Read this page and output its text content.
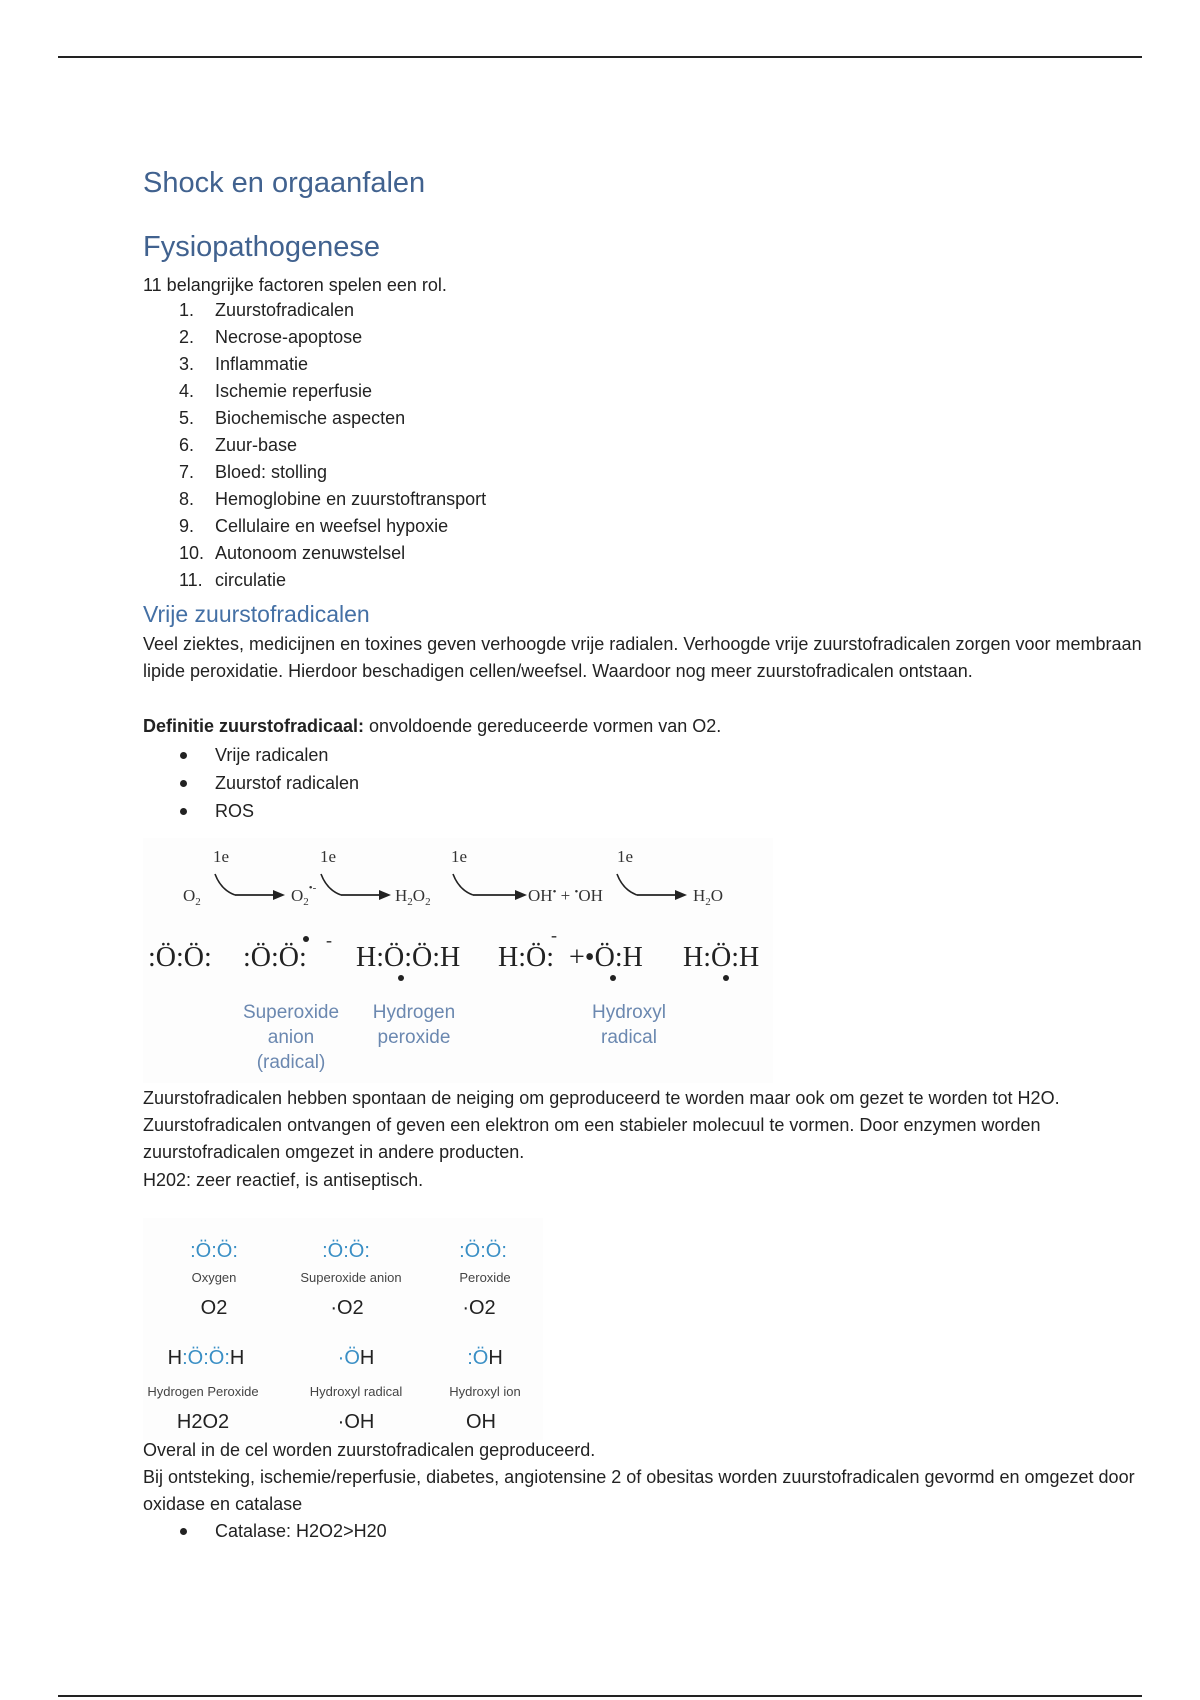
Shock en orgaanfalen
Fysiopathogenese

11 belangrijke factoren spelen een rol.

1.	Zuurstofradicalen
2.	Necrose-apoptose
3.	Inflammatie
4.	Ischemie reperfusie
5.	Biochemische aspecten
6.	Zuur-base
7.	Bloed: stolling
8.	Hemoglobine en zuurstoftransport
9.	Cellulaire en weefsel hypoxie
10. Autonoom zenuwstelsel
11. circulatie
Vrije zuurstofradicalen

Veel ziektes, medicijnen en toxines geven verhoogde vrije radialen. Verhoogde vrije zuurstofradicalen zorgen voor membraan lipide peroxidatie. Hierdoor beschadigen cellen/weefsel. Waardoor nog meer zuurstofradicalen ontstaan.

Definitie zuurstofradicaal: onvoldoende gereduceerde vormen van O2.

Vrije radicalen
Zuurstof radicalen
ROS

Zuurstofradicalen hebben spontaan de neiging om geproduceerd te worden maar ook om gezet te worden tot H2O. Zuurstofradicalen ontvangen of geven een elektron om een stabieler molecuul te vormen. Door enzymen worden zuurstofradicalen omgezet in andere producten.

H202: zeer reactief, is antiseptisch.

Overal in de cel worden zuurstofradicalen geproduceerd.

Bij ontsteking, ischemie/reperfusie, diabetes, angiotensine 2 of obesitas worden zuurstofradicalen gevormd en omgezet door oxidase en catalase

Catalase: H2O2>H20
1e	1e	1e	1e
$O_2$	$O_2^{•-}$	$H_2O_2$	OH• + •OH	$H_2O$
:Ö:Ö: :Ö:Ö:
-
H:Ö:Ö:H H:Ö:
-
+•Ö:H H:Ö:H
Superoxide
anion
(radical)
Hydrogen
peroxide
Hydroxyl
radical
:Ö:Ö:	:Ö:Ö:	:Ö:Ö:
H:Ö:Ö:H	·ÖH	:ÖH
Oxygen	Superoxide anion	Peroxide
Hydrogen Peroxide	Hydroxyl radical	Hydroxyl ion
O2	·O2	·O2
H2O2	·OH	OH
